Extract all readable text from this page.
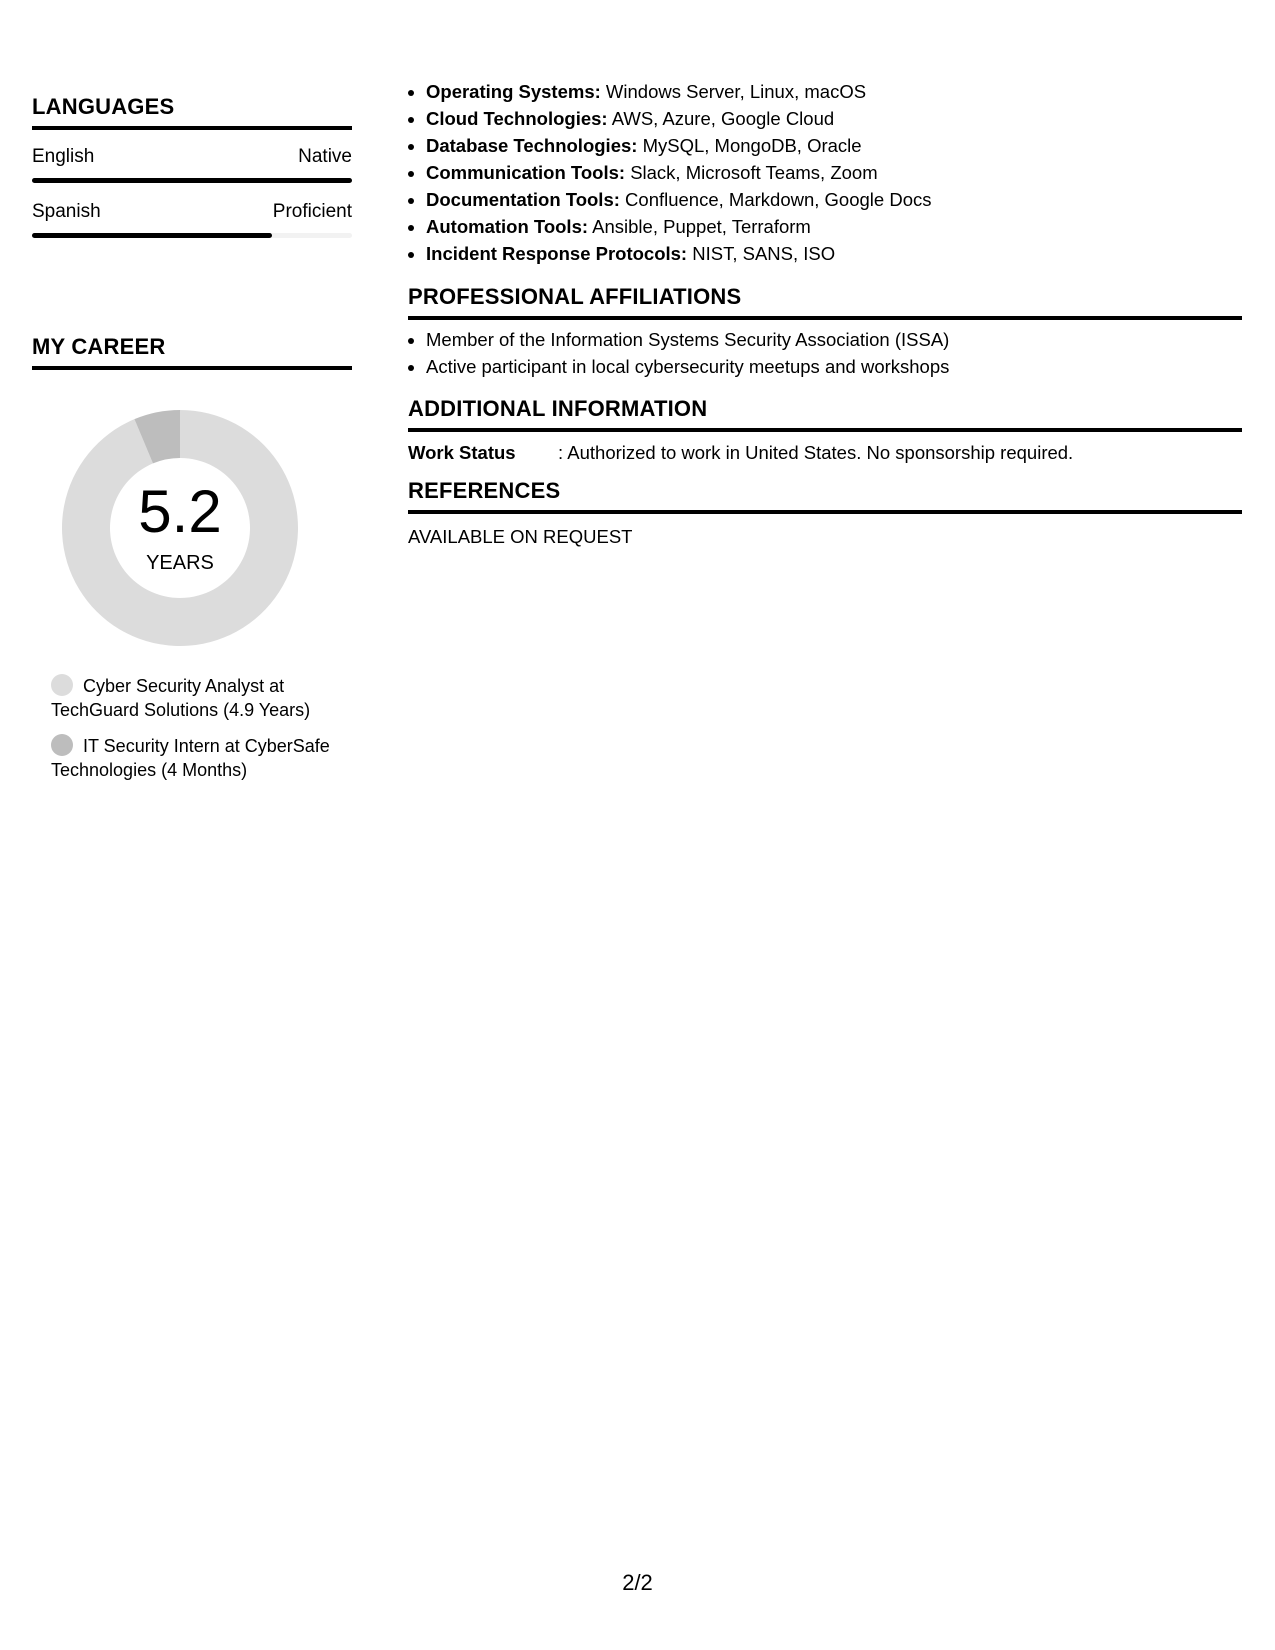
LANGUAGES
English	Native
Spanish	Proficient
MY CAREER
5.2
YEARS
Cyber Security Analyst at TechGuard Solutions (4.9 Years)
IT Security Intern at CyberSafe Technologies (4 Months)
• Operating Systems: Windows Server, Linux, macOS
• Cloud Technologies: AWS, Azure, Google Cloud
• Database Technologies: MySQL, MongoDB, Oracle
• Communication Tools: Slack, Microsoft Teams, Zoom
• Documentation Tools: Confluence, Markdown, Google Docs
• Automation Tools: Ansible, Puppet, Terraform
• Incident Response Protocols: NIST, SANS, ISO
PROFESSIONAL AFFILIATIONS
• Member of the Information Systems Security Association (ISSA)
• Active participant in local cybersecurity meetups and workshops
ADDITIONAL INFORMATION
Work Status	: Authorized to work in United States. No sponsorship required.
REFERENCES
AVAILABLE ON REQUEST
2/2
